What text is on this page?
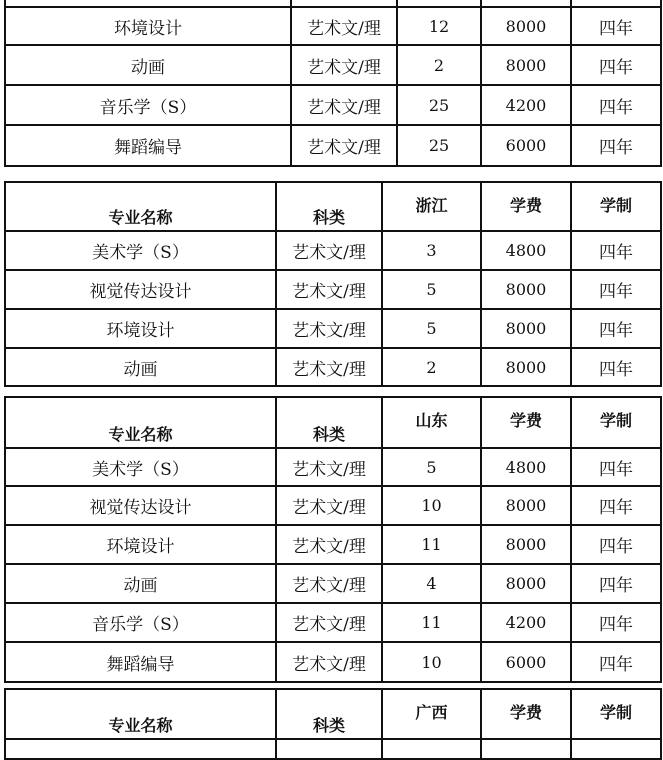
环境设计	艺术文/理	12	8000	四年
动画	艺术文/理	2	8000	四年
音乐学（S）	艺术文/理	25	4200	四年
舞蹈编导	艺术文/理	25	6000	四年
专业名称	科类	浙江	学费	学制
美术学（S）	艺术文/理	3	4800	四年
视觉传达设计	艺术文/理	5	8000	四年
环境设计	艺术文/理	5	8000	四年
动画	艺术文/理	2	8000	四年
专业名称	科类	山东	学费	学制
美术学（S）	艺术文/理	5	4800	四年
视觉传达设计	艺术文/理	10	8000	四年
环境设计	艺术文/理	11	8000	四年
动画	艺术文/理	4	8000	四年
音乐学（S）	艺术文/理	11	4200	四年
舞蹈编导	艺术文/理	10	6000	四年
专业名称	科类	广西	学费	学制
